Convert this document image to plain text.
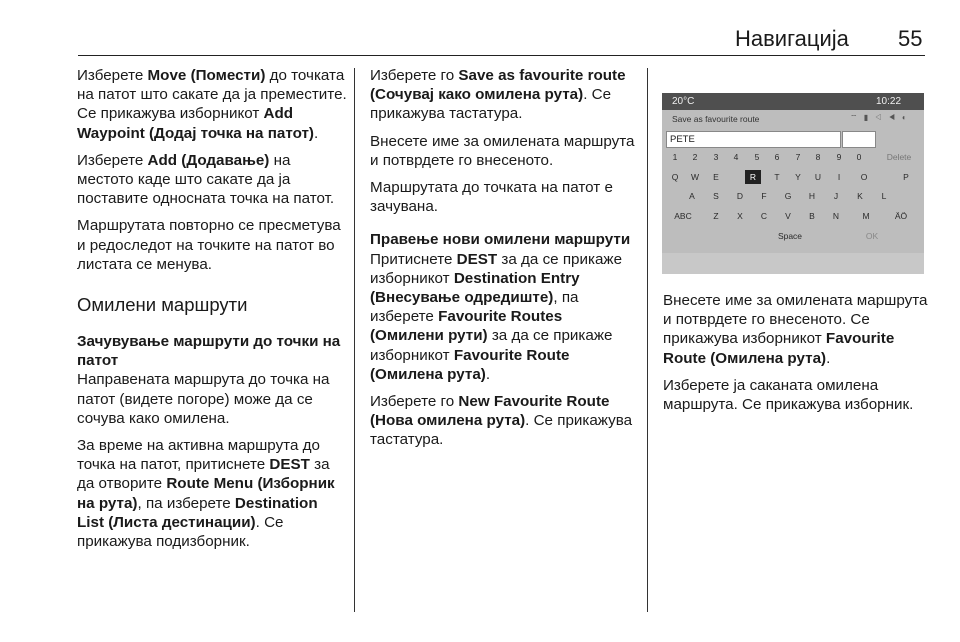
Навигација 55

Изберете Move (Помести) до точката на патот што сакате да ја преместите. Се прикажува изборникот Add Waypoint (Додај точка на патот).

Изберете Add (Додавање) на местото каде што сакате да ја поставите односната точка на патот.

Маршрутата повторно се пресметува и редоследот на точките на патот во листата се менува.

Омилени маршрути
Зачувување маршрути до точки на патот

Направената маршрута до точка на патот (видете погоре) може да се сочува како омилена.

За време на активна маршрута до точка на патот, притиснете DEST за да отворите Route Menu (Изборник на рута), па изберете Destination List (Листа дестинации). Се прикажува подизборник.

Изберете го Save as favourite route (Сочувај како омилена рута). Се прикажува тастатура.

Внесете име за омилената маршрута и потврдете го внесеното.

Маршрутата до точката на патот е зачувана.

Правење нови омилени маршрути

Притиснете DEST за да се прикаже изборникот Destination Entry (Внесување одредиште), па изберете Favourite Routes (Омилени рути) за да се прикаже изборникот Favourite Route (Омилена рута).

Изберете го New Favourite Route (Нова омилена рута). Се прикажува тастатура.

20°C	10:22
Save as favourite route	⌔ ▮ ◁ ◀ ◐
PETE
1	2	3	4	5	6	7	8	9	0	Delete
Q	W	E	R	T	Y	U	I	O	P
A	S	D	F	G	H	J	K	L
ABC	Z	X	C	V	B	N	M	ÄÖ
Space	OK

Внесете име за омилената маршрута и потврдете го внесеното. Се прикажува изборникот Favourite Route (Омилена рута).

Изберете ја сакaната омилена маршрута. Се прикажува изборник.
